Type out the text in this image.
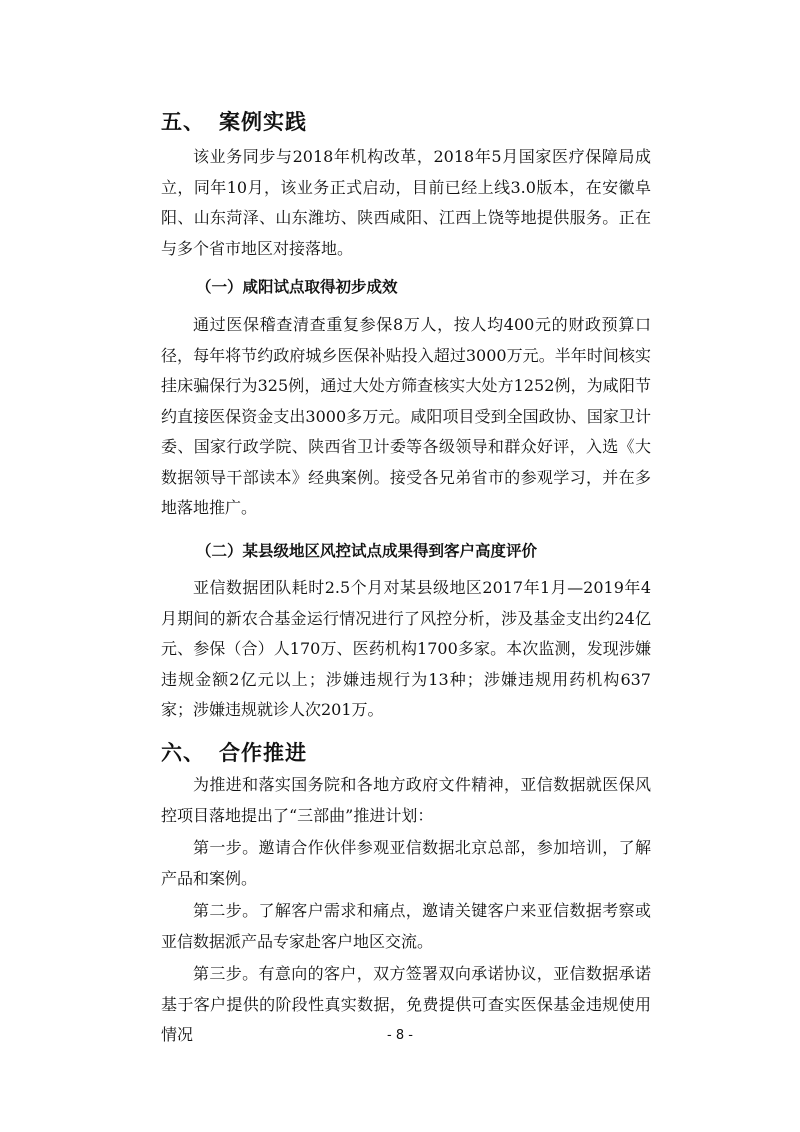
五、 案例实践

该业务同步与2018年机构改革，2018年5月国家医疗保障局成立，同年10月，该业务正式启动，目前已经上线3.0版本，在安徽阜阳、山东菏泽、山东潍坊、陕西咸阳、江西上饶等地提供服务。正在与多个省市地区对接落地。

（一）咸阳试点取得初步成效

通过医保稽查清查重复参保8万人，按人均400元的财政预算口径，每年将节约政府城乡医保补贴投入超过3000万元。半年时间核实挂床骗保行为325例，通过大处方筛查核实大处方1252例，为咸阳节约直接医保资金支出3000多万元。咸阳项目受到全国政协、国家卫计委、国家行政学院、陕西省卫计委等各级领导和群众好评，入选《大数据领导干部读本》经典案例。接受各兄弟省市的参观学习，并在多地落地推广。

（二）某县级地区风控试点成果得到客户高度评价

亚信数据团队耗时2.5个月对某县级地区2017年1月—2019年4月期间的新农合基金运行情况进行了风控分析，涉及基金支出约24亿元、参保（合）人170万、医药机构1700多家。本次监测，发现涉嫌违规金额2亿元以上；涉嫌违规行为13种；涉嫌违规用药机构637家；涉嫌违规就诊人次201万。

六、 合作推进

为推进和落实国务院和各地方政府文件精神，亚信数据就医保风控项目落地提出了“三部曲”推进计划：

第一步。邀请合作伙伴参观亚信数据北京总部，参加培训，了解产品和案例。

第二步。了解客户需求和痛点，邀请关键客户来亚信数据考察或亚信数据派产品专家赴客户地区交流。

第三步。有意向的客户，双方签署双向承诺协议，亚信数据承诺基于客户提供的阶段性真实数据，免费提供可查实医保基金违规使用情况	- 8 -
